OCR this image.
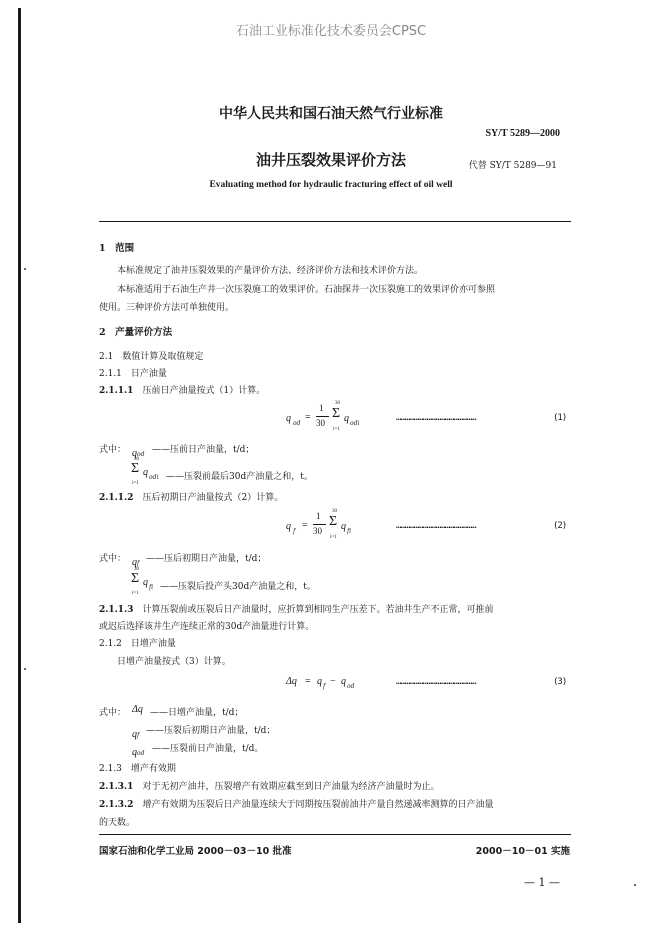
石油工业标准化技术委员会CPSC
中华人民共和国石油天然气行业标准
SY/T 5289—2000
油井压裂效果评价方法	代替 SY/T 5289—91
Evaluating method for hydraulic fracturing effect of oil well
1　范围
本标准规定了油井压裂效果的产量评价方法、经济评价方法和技术评价方法。
本标准适用于石油生产井一次压裂施工的效果评价。石油探井一次压裂施工的效果评价亦可参照
使用。三种评价方法可单独使用。
2　产量评价方法
2.1　数值计算及取值规定
2.1.1　日产油量
2.1.1.1　 压前日产油量按式（1）计算。
q od
=
1
30
30
Σ
i=1
q odi
………………………………………………	(1)
式中： qod ——压前日产油量，t/d；
30
Σ
i=1
q odi ——压裂前最后30d产油量之和，t。
2.1.1.2　 压后初期日产油量按式（2）计算。
q f
=
1
30
30
Σ
i=1
q fi
………………………………………………	(2)
式中： qf ——压后初期日产油量，t/d；
30
Σ
i=1
q fi ——压裂后投产头30d产油量之和，t。
2.1.1.3　 计算压裂前或压裂后日产油量时，应折算到相同生产压差下。若油井生产不正常，可推前
或迟后选择该井生产连续正常的30d产油量进行计算。
2.1.2　日增产油量
日增产油量按式（3）计算。
Δq = q f − q od	………………………………………………	(3)
式中： Δq ——日增产油量，t/d；
qf ——压裂后初期日产油量，t/d；
qod ——压裂前日产油量，t/d。
2.1.3　增产有效期
2.1.3.1　 对于无初产油井，压裂增产有效期应截至到日产油量为经济产油量时为止。
2.1.3.2　 增产有效期为压裂后日产油量连续大于同期按压裂前油井产量自然递减率测算的日产油量
的天数。
国家石油和化学工业局 2000－03－10 批准	2000－10－01 实施
— 1 —
